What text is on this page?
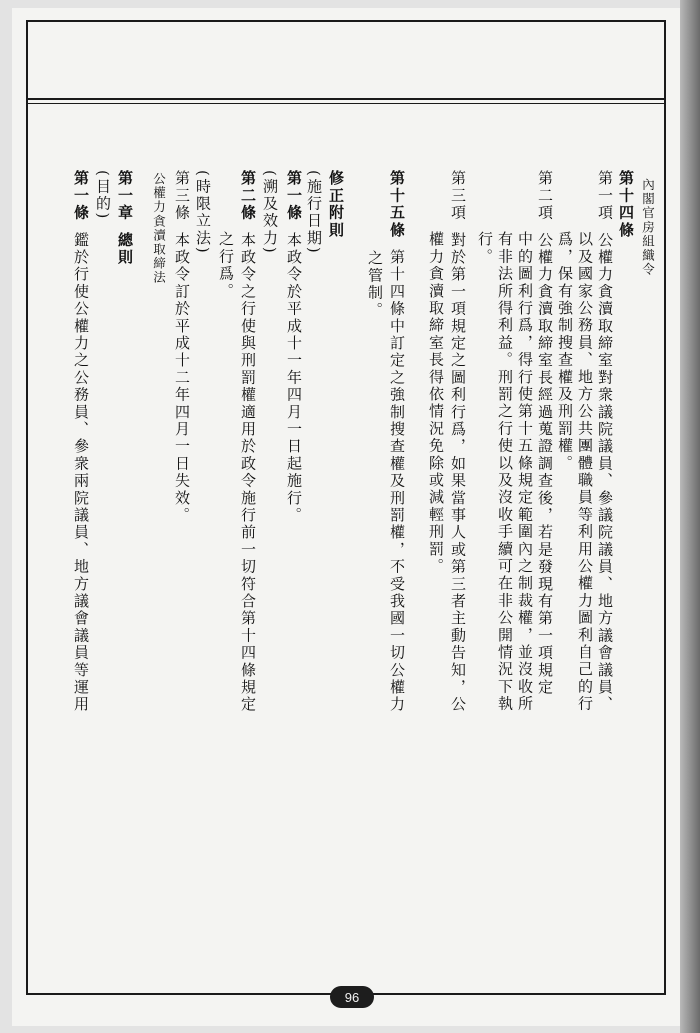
內閣官房組織令
第十四條
第一項公權力貪瀆取締室對衆議院議員、參議院議員、地方議會議員、
以及國家公務員、地方公共團體職員等利用公權力圖利自己的行
爲，保有強制搜查權及刑罰權。
第二項公權力貪瀆取締室長經過蒐證調查後，若是發現有第一項規定
中的圖利行爲，得行使第十五條規定範圍內之制裁權，並沒收所
有非法所得利益。刑罰之行使以及沒收手續可在非公開情況下執
行。
第三項對於第一項規定之圖利行爲，如果當事人或第三者主動告知，公
權力貪瀆取締室長得依情況免除或減輕刑罰。
第十五條第十四條中訂定之強制搜查權及刑罰權，不受我國一切公權力
之管制。
修正附則
(施行日期)
第一條本政令於平成十一年四月一日起施行。
(溯及效力)
第二條本政令之行使與刑罰權適用於政令施行前一切符合第十四條規定
之行爲。
(時限立法)
第三條本政令訂於平成十二年四月一日失效。
公權力貪瀆取締法
第一章總則
(目的)
第一條鑑於行使公權力之公務員、參衆兩院議員、地方議會議員等運用
96
